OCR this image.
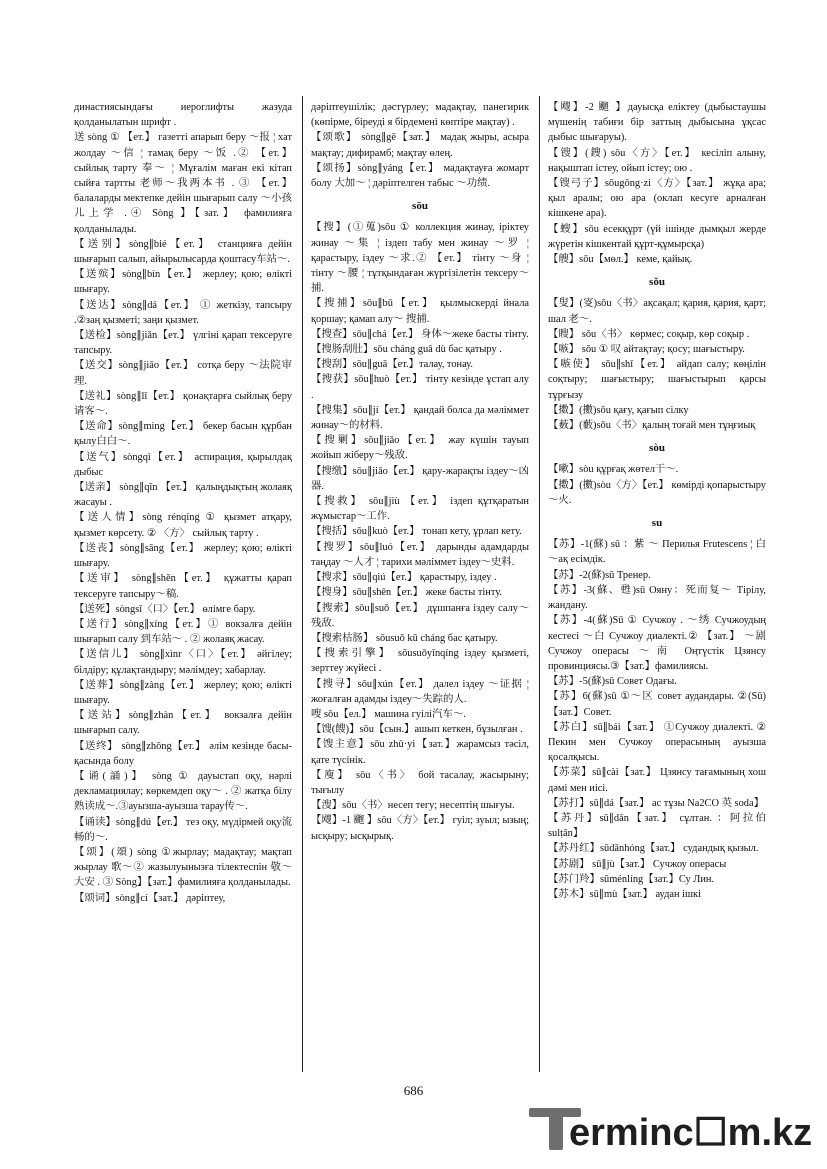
династиясындағы иероглифты жазуда қолданылатын шрифт .
送 sòng ① 【ет.】 газетті апарып беру ～报 ¦ хат жолдау ～信 ¦ тамақ беру ～饭 .② 【ет.】 сыйлық тарту 奉～ ¦ Мұғалім маған екі кітап сыйға тартты 老师～我两本书 . ③ 【ет.】 балаларды мектепке дейін шығарып салу ～小孩儿上学 .④ Sòng 】【зат.】 фамилияға қолданылады.
【送别】sòng∥bié【ет.】 станцияға дейін шығарып салып, айырылысарда қоштасу车站～.
【送殡】sòng∥bìn【ет.】 жерлеу; қою; өлікті шығару.
【送达】sòng∥dá【ет.】 ① жеткізу, тапсыру .②заң қызметі; заңи қызмет.
【送检】sòng∥jiǎn【ет.】 үлгіні қарап тексеруге тапсыру.
【送交】sòng∥jiāo【ет.】 сотқа беру ～法院审理.
【送礼】sòng∥lǐ【ет.】 қонақтарға сыйлық беру请客～.
【送命】sòng∥mìng【ет.】 бекер басын құрбан қылу白白～.
【送气】sòngqì【ет.】 аспирация, қырылдақ дыбыс
【送亲】 sòng∥qīn 【ет.】 қалыңдықтың жолаяқ жасауы .
【送人情】sòng rénqíng ① қызмет атқару, қызмет көрсету. ② 〈方〉 сыйлық тарту .
【送丧】sòng∥sāng【ет.】 жерлеу; қою; өлікті шығару.
【送审】 sòng∥shěn【ет.】 құжатты қарап тексеруге тапсыру～稿.
【送死】sòngsǐ〈口〉【ет.】 өлімге бару.
【送行】sòng∥xíng【ет.】① вокзалға дейін шығарып салу 到车站～ . ② жолаяқ жасау.
【送信儿】 sòng∥xìnr〈口〉【ет.】 әйгілеу; білдіру; құлақтандыру; мәлімдеу; хабарлау.
【送葬】sòng∥zàng【ет.】 жерлеу; қою; өлікті шығару.
【送站】sòng∥zhàn【ет.】 вокзалға дейін шығарып салу.
【送终】 sòng∥zhōng【ет.】 әлім кезінде басы-қасында болу
【诵(誦)】 sòng ① дауыстап оқу, нәрлі декламациялау; көркемдеп оқу～ . ② жатқа білу 熟读成～.③ауызша-ауызша тарау传～.
【诵读】sòng∥dú【ет.】 тез оқу, мүдірмей оқу流畅的～.
【颂】(頌) sòng ①жырлау; мадақтау; мақтап жырлау 歌～② жазылуынызға тілектеспін 敬～大安 . ③ Sòng】【зат.】фамилияға қолданылады.
【颂词】sòng∥cí【зат.】 дәріптеу,
дәріптеушілік; дәстүрлеу; мадақтау, панегирик (көпірме, біреуді я бірдемені көптіре мақтау) .
【颂歌】 sòng∥gē【зат.】 мадақ жыры, асыра мақтау; дифирамб; мақтау өлең.
【颂扬】sòng∥yáng【ет.】 мадақтауға жомарт болу 大加～ ¦ дәріптелген табыс ～功绩.
sōu
【搜】(①蒐)sōu ① коллекция жинау, іріктеу жинау ～集 ¦ іздеп табу мен жинау ～罗 ¦ қарастыру, іздеу ～求.② 【ет.】 тінту ～身 ¦ тінту ～腰 ¦ тұтқындаған жүргізілетін тексеру～捕.
【搜捕】sōu∥bǔ【ет.】 қылмыскерді йнала қоршау; қамап алу～ 搜捕.
【搜查】sōu∥chá【ет.】 身体～жеке басты тінту.
【搜肠刮肚】sōu cháng guā dù бас қатыру .
【搜刮】sōu∥guā【ет.】талау, тонау.
【搜获】sōu∥huò【ет.】 тінту кезінде ұстап алу .
【搜集】sōu∥jí【ет.】 қандай болса да мәліммет жинау～的材料.
【搜剿】sōu∥jiǎo【ет.】 жау күшін тауып жойып жіберу～残敌.
【搜缴】sōu∥jiǎo【ет.】 қару-жарақты іздеу～凶器.
【搜救】 sōu∥jiù 【ет.】 іздеп құтқаратын жұмыстар～工作.
【搜括】sōu∥kuò【ет.】 тонап кету, ұрлап кету.
【搜罗】sōu∥luó【ет.】 дарынды адамдарды таңдау ～人才 ¦ тарихи мәліммет іздеу～史料.
【搜求】sōu∥qiú【ет.】 қарастыру, іздеу .
【搜身】sōu∥shēn【ет.】 жеке басты тінту.
【搜索】sōu∥suǒ【ет.】 дұшпанға іздеу салу～残敌.
【搜索枯肠】 sōusuǒ kū cháng бас қатыру.
【搜索引擎】 sōusuǒyǐnqíng іздеу қызметі, зерттеу жүйесі .
【搜寻】sōu∥xún【ет.】 далел іздеу ～证据 ¦ жоғалған адамды іздеу～失踪的人.
嗖 sōu【ел.】 машина гуілі汽车～.
【馊(餿)】sōu【сын.】ашып кеткен, бұзылған .
【馊主意】sōu zhǔ·yi【зат.】жарамсыз тәсіл, қате түсінік.
【廋】 sōu〈书〉 бой тасалау, жасырыну; тығылу
【溲】sōu〈书〉несеп тегу; несептің шығуы.
【飕】-1 飀 】sōu〈方〉【ет.】 гуіл; зуыл; ызың; ысқыру; ысқырық.
【飕】-2 飀 】дауысқа еліктеу (дыбыстаушы мүшенің табиғи бір заттың дыбысына ұқсас дыбыс шығаруы).
【锼】(鎪) sōu〈方〉【ет.】 кесіліп алыну, нақыштап істеу, ойып істеу; ою .
【锼弓子】sōugōng·zi〈方〉【зат.】 жұқа ара; қыл аралы; ою ара (оклап кесуге арналған кішкене ара).
【螋】sōu есекқұрт (үй ішінде дымқыл жерде жүретін кішкентай құрт-құмырсқа)
【艘】sōu【мөл.】 кеме, қайық.
sǒu
【叟】(叜)sǒu〈书〉ақсақал; қария, қария, қарт; шал 老～.
【瞍】 sǒu〈书〉 көрмес; соқыр, көр соқыр .
【嗾】 sǒu ① 叹 айтақтау; қосу; шағыстыру.
【嗾使】 sǒu∥shǐ【ет.】 айдап салу; көңілін соқтыру; шағыстыру; шағыстырып қарсы тұрғызу
【擞】(擻)sǒu қағу, қағып сілку
【薮】(藪)sǒu〈书〉қалың тоғай мен тұңғиық
sòu
【嗽】sòu құрғақ жөтел干～.
【擞】(擻)sòu〈方〉【ет.】 көмірді қопарыстыру ～火.
su
【苏】-1(蘇) sū ：紫 ～ Перилья Frutescens ¦ 白～ақ есімдік.
【苏】-2(蘇)sū Тренер.
【苏】-3(蘇、甦)sū Ояну：死而复～ Тірілу, жандану.
【苏】-4(蘇)Sū ① Сучжоу . ～绣 Сучжоудың кестесі ～白 Сучжоу диалекті.② 【зат.】 ～剧 Сучжоу операсы ～南 Оңтүстік Цзянсу провинциясы.③【зат.】фамилиясы.
【苏】-5(蘇)sū Совет Одағы.
【苏】6(蘇)sū ①～区 совет аудандары. ②(Sū)【зат.】Совет.
【苏白】sū∥bái【зат.】 ①Сучжоу диалекті. ② Пекин мен Сучжоу операсының ауызша қосалқысы.
【苏菜】sū∥cài【зат.】 Цзянсу тағамының хош дәмі мен иісі.
【苏打】sū∥dá【зат.】 ас тұзы Na2CO 英 soda】
【苏丹】sū∥dān【зат.】 сұлтан. ：阿拉伯 sulṭān】
【苏丹红】sūdānhóng【зат.】 судандық қызыл.
【苏剧】 sū∥jù【зат.】 Сучжоу операсы
【苏门羚】sūménlíng【зат.】Су Лин.
【苏木】sū∥mù【зат.】 аудан ішкі
686
erminc☐m.kz
